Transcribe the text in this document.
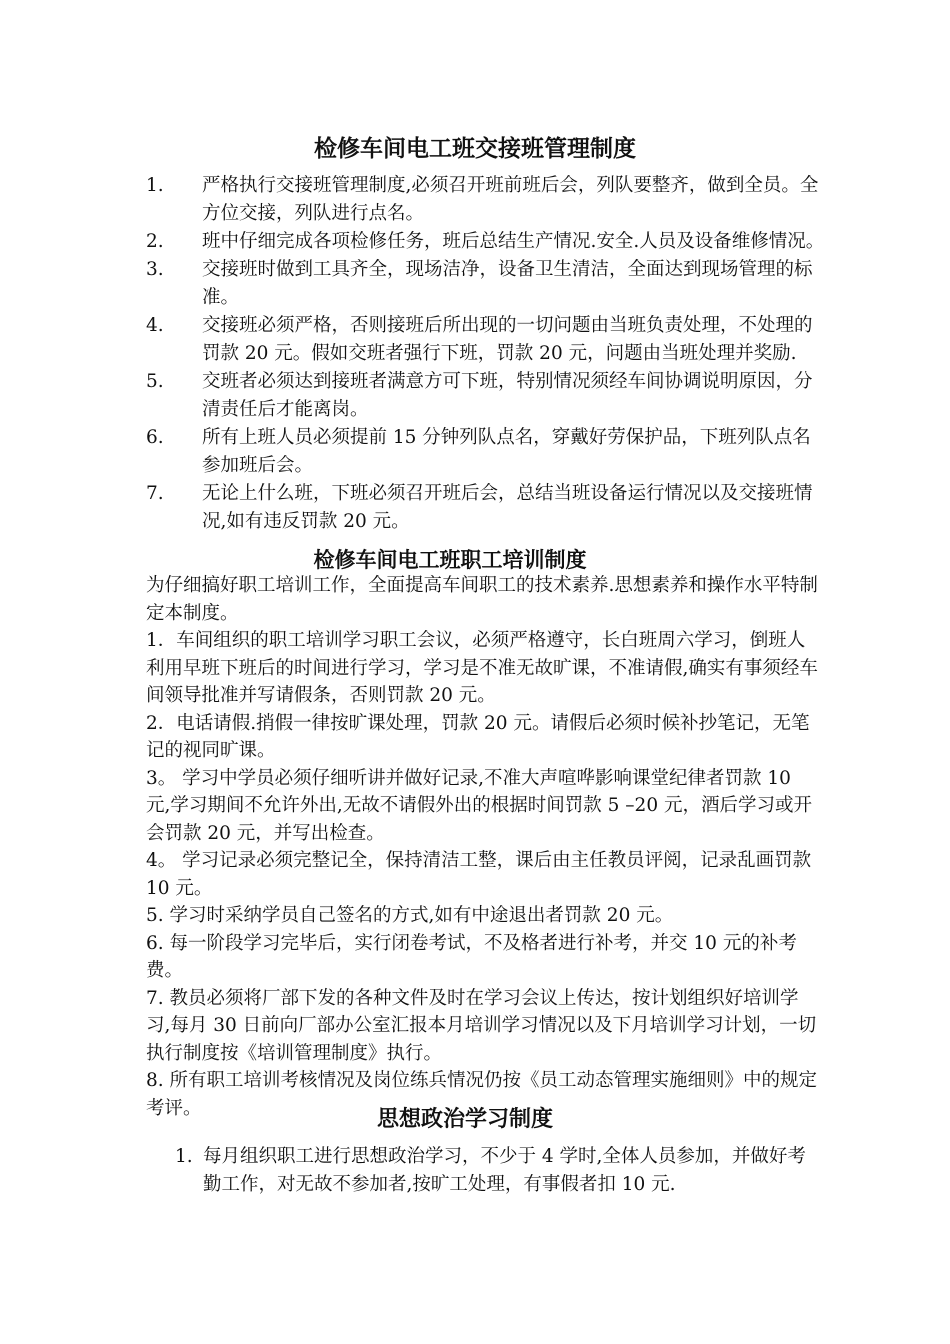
检修车间电工班交接班管理制度
1. 严格执行交接班管理制度,必须召开班前班后会，列队要整齐，做到全员。全方位交接，列队进行点名。
2. 班中仔细完成各项检修任务，班后总结生产情况.安全.人员及设备维修情况。
3. 交接班时做到工具齐全，现场洁净，设备卫生清洁，全面达到现场管理的标准。
4. 交接班必须严格，否则接班后所出现的一切问题由当班负责处理，不处理的罚款 20 元。假如交班者强行下班，罚款 20 元，问题由当班处理并奖励.
5. 交班者必须达到接班者满意方可下班，特别情况须经车间协调说明原因，分清责任后才能离岗。
6. 所有上班人员必须提前 15 分钟列队点名，穿戴好劳保护品，下班列队点名参加班后会。
7. 无论上什么班，下班必须召开班后会，总结当班设备运行情况以及交接班情况,如有违反罚款 20 元。
检修车间电工班职工培训制度

为仔细搞好职工培训工作，全面提高车间职工的技术素养.思想素养和操作水平特制定本制度。

1．车间组织的职工培训学习职工会议，必须严格遵守，长白班周六学习，倒班人利用早班下班后的时间进行学习，学习是不准无故旷课，不准请假,确实有事须经车间领导批准并写请假条，否则罚款 20 元。

2．电话请假.捎假一律按旷课处理，罚款 20 元。请假后必须时候补抄笔记，无笔记的视同旷课。

3。 学习中学员必须仔细听讲并做好记录,不准大声喧哗影响课堂纪律者罚款 10 元,学习期间不允许外出,无故不请假外出的根据时间罚款 5 –20 元，酒后学习或开会罚款 20 元，并写出检查。

4。 学习记录必须完整记全，保持清洁工整，课后由主任教员评阅，记录乱画罚款 10 元。

5. 学习时采纳学员自己签名的方式,如有中途退出者罚款 20 元。

6. 每一阶段学习完毕后，实行闭卷考试，不及格者进行补考，并交 10 元的补考费。

7. 教员必须将厂部下发的各种文件及时在学习会议上传达，按计划组织好培训学习,每月 30 日前向厂部办公室汇报本月培训学习情况以及下月培训学习计划，一切执行制度按《培训管理制度》执行。

8. 所有职工培训考核情况及岗位练兵情况仍按《员工动态管理实施细则》中的规定考评。	思想政治学习制度
1. 每月组织职工进行思想政治学习，不少于 4 学时,全体人员参加，并做好考勤工作，对无故不参加者,按旷工处理，有事假者扣 10 元.
